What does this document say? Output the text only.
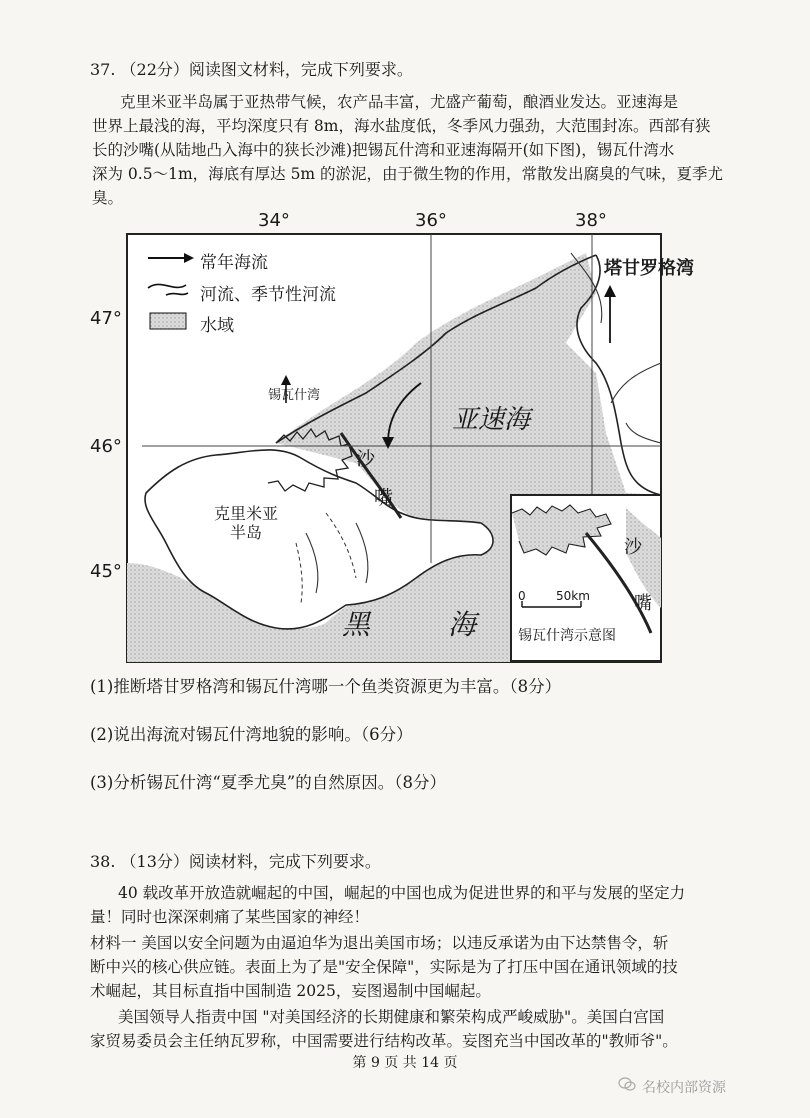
37. （22分）阅读图文材料，完成下列要求。
克里米亚半岛属于亚热带气候，农产品丰富，尤盛产葡萄，酿酒业发达。亚速海是
世界上最浅的海，平均深度只有 8m，海水盐度低，冬季风力强劲，大范围封冻。西部有狭
长的沙嘴(从陆地凸入海中的狭长沙滩)把锡瓦什湾和亚速海隔开(如下图)，锡瓦什湾水
深为 0.5～1m，海底有厚达 5m 的淤泥，由于微生物的作用，常散发出腐臭的气味，夏季尤
臭。
34°	36°	38°
47°
46°
45°
常年海流
河流、季节性河流
水域
塔甘罗格湾
锡瓦什湾
亚速海
沙
嘴
克里米亚
半岛
黑	海
沙
嘴
0	50km
锡瓦什湾示意图
(1)推断塔甘罗格湾和锡瓦什湾哪一个鱼类资源更为丰富。（8分）
(2)说出海流对锡瓦什湾地貌的影响。（6分）
(3)分析锡瓦什湾“夏季尤臭”的自然原因。（8分）
38. （13分）阅读材料，完成下列要求。
40 载改革开放造就崛起的中国，崛起的中国也成为促进世界的和平与发展的坚定力
量！同时也深深刺痛了某些国家的神经！
材料一 美国以安全问题为由逼迫华为退出美国市场；以违反承诺为由下达禁售令，斩
断中兴的核心供应链。表面上为了是"安全保障"，实际是为了打压中国在通讯领域的技
术崛起，其目标直指中国制造 2025，妄图遏制中国崛起。
美国领导人指责中国 "对美国经济的长期健康和繁荣构成严峻威胁"。美国白宫国
家贸易委员会主任纳瓦罗称，中国需要进行结构改革。妄图充当中国改革的"教师爷"。
第 9 页 共 14 页
名校内部资源
